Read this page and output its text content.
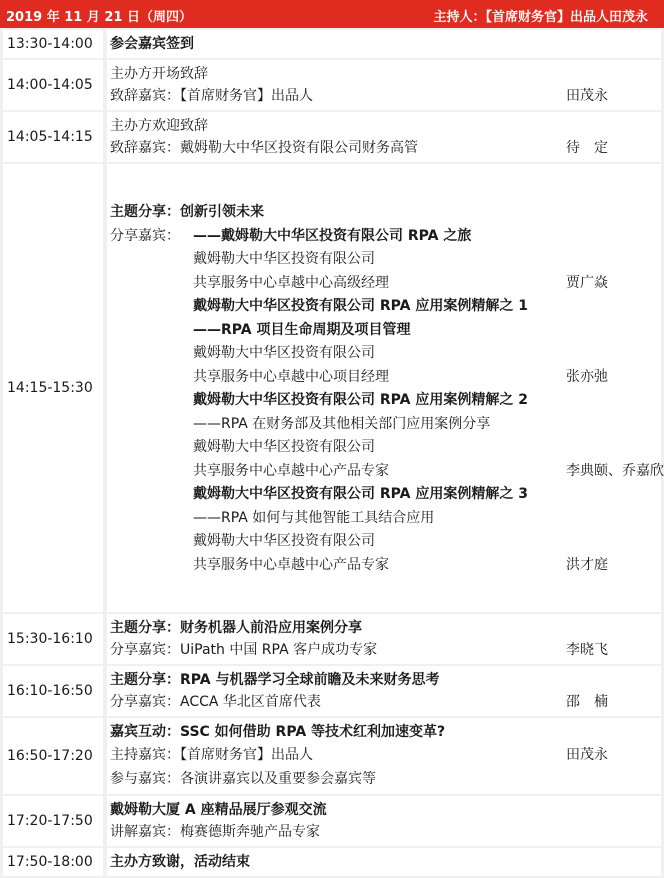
2019 年 11 月 21 日（周四）	主持人：【首席财务官】出品人田茂永
13:30-14:00	参会嘉宾签到
14:00-14:05
主办方开场致辞
致辞嘉宾：【首席财务官】出品人	田茂永
14:05-14:15
主办方欢迎致辞
致辞嘉宾：戴姆勒大中华区投资有限公司财务高管	待　定
14:15-15:30
主题分享：创新引领未来
分享嘉宾： ——戴姆勒大中华区投资有限公司 RPA 之旅
戴姆勒大中华区投资有限公司
共享服务中心卓越中心高级经理	贾广焱
戴姆勒大中华区投资有限公司 RPA 应用案例精解之 1
——RPA 项目生命周期及项目管理
戴姆勒大中华区投资有限公司
共享服务中心卓越中心项目经理	张亦弛
戴姆勒大中华区投资有限公司 RPA 应用案例精解之 2
——RPA 在财务部及其他相关部门应用案例分享
戴姆勒大中华区投资有限公司
共享服务中心卓越中心产品专家	李典颐、乔嘉欣
戴姆勒大中华区投资有限公司 RPA 应用案例精解之 3
——RPA 如何与其他智能工具结合应用
戴姆勒大中华区投资有限公司
共享服务中心卓越中心产品专家	洪才庭
15:30-16:10
主题分享：财务机器人前沿应用案例分享
分享嘉宾：UiPath 中国 RPA 客户成功专家	李晓飞
16:10-16:50
主题分享：RPA 与机器学习全球前瞻及未来财务思考
分享嘉宾：ACCA 华北区首席代表	邵　楠
16:50-17:20
嘉宾互动：SSC 如何借助 RPA 等技术红利加速变革?
主持嘉宾：【首席财务官】出品人	田茂永
参与嘉宾：各演讲嘉宾以及重要参会嘉宾等
17:20-17:50
戴姆勒大厦 A 座精品展厅参观交流
讲解嘉宾：梅赛德斯奔驰产品专家
17:50-18:00	主办方致谢，活动结束
